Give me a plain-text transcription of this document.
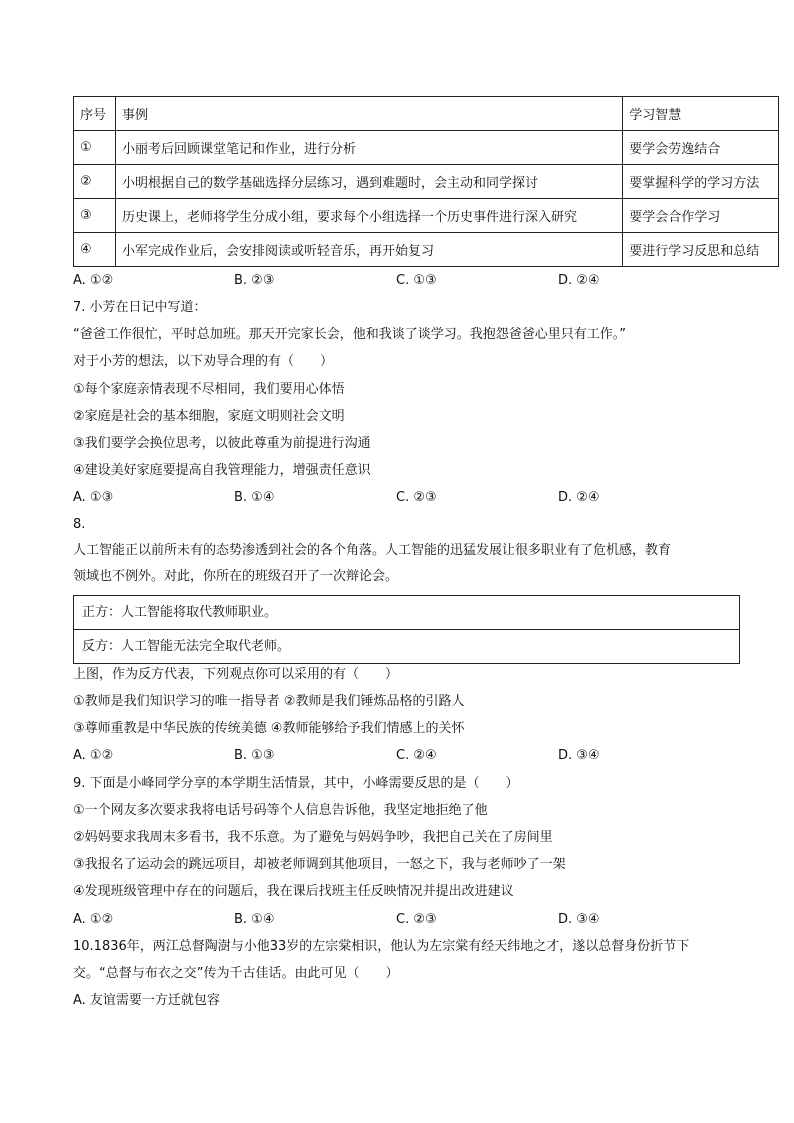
序号	事例	学习智慧
①	小丽考后回顾课堂笔记和作业，进行分析	要学会劳逸结合
②	小明根据自己的数学基础选择分层练习，遇到难题时，会主动和同学探讨	要掌握科学的学习方法
③	历史课上，老师将学生分成小组，要求每个小组选择一个历史事件进行深入研究	要学会合作学习
④	小军完成作业后，会安排阅读或听轻音乐，再开始复习	要进行学习反思和总结
A. ①②	B. ②③	C. ①③	D. ②④
7. 小芳在日记中写道：
“爸爸工作很忙，平时总加班。那天开完家长会，他和我谈了谈学习。我抱怨爸爸心里只有工作。”
对于小芳的想法，以下劝导合理的有（　　）
①每个家庭亲情表现不尽相同，我们要用心体悟
②家庭是社会的基本细胞，家庭文明则社会文明
③我们要学会换位思考，以彼此尊重为前提进行沟通
④建设美好家庭要提高自我管理能力，增强责任意识
A. ①③	B. ①④	C. ②③	D. ②④
8.
人工智能正以前所未有的态势渗透到社会的各个角落。人工智能的迅猛发展让很多职业有了危机感，教育
领域也不例外。对此，你所在的班级召开了一次辩论会。
正方：人工智能将取代教师职业。
反方：人工智能无法完全取代老师。
上图，作为反方代表，下列观点你可以采用的有（　　）
①教师是我们知识学习的唯一指导者 ②教师是我们锤炼品格的引路人
③尊师重教是中华民族的传统美德 ④教师能够给予我们情感上的关怀
A. ①②	B. ①③	C. ②④	D. ③④
9. 下面是小峰同学分享的本学期生活情景，其中，小峰需要反思的是（　　）
①一个网友多次要求我将电话号码等个人信息告诉他，我坚定地拒绝了他
②妈妈要求我周末多看书，我不乐意。为了避免与妈妈争吵，我把自己关在了房间里
③我报名了运动会的跳远项目，却被老师调到其他项目，一怒之下，我与老师吵了一架
④发现班级管理中存在的问题后，我在课后找班主任反映情况并提出改进建议
A. ①②	B. ①④	C. ②③	D. ③④
10.1836年，两江总督陶澍与小他33岁的左宗棠相识，他认为左宗棠有经天纬地之才，遂以总督身份折节下
交。“总督与布衣之交”传为千古佳话。由此可见（　　）
A. 友谊需要一方迁就包容
